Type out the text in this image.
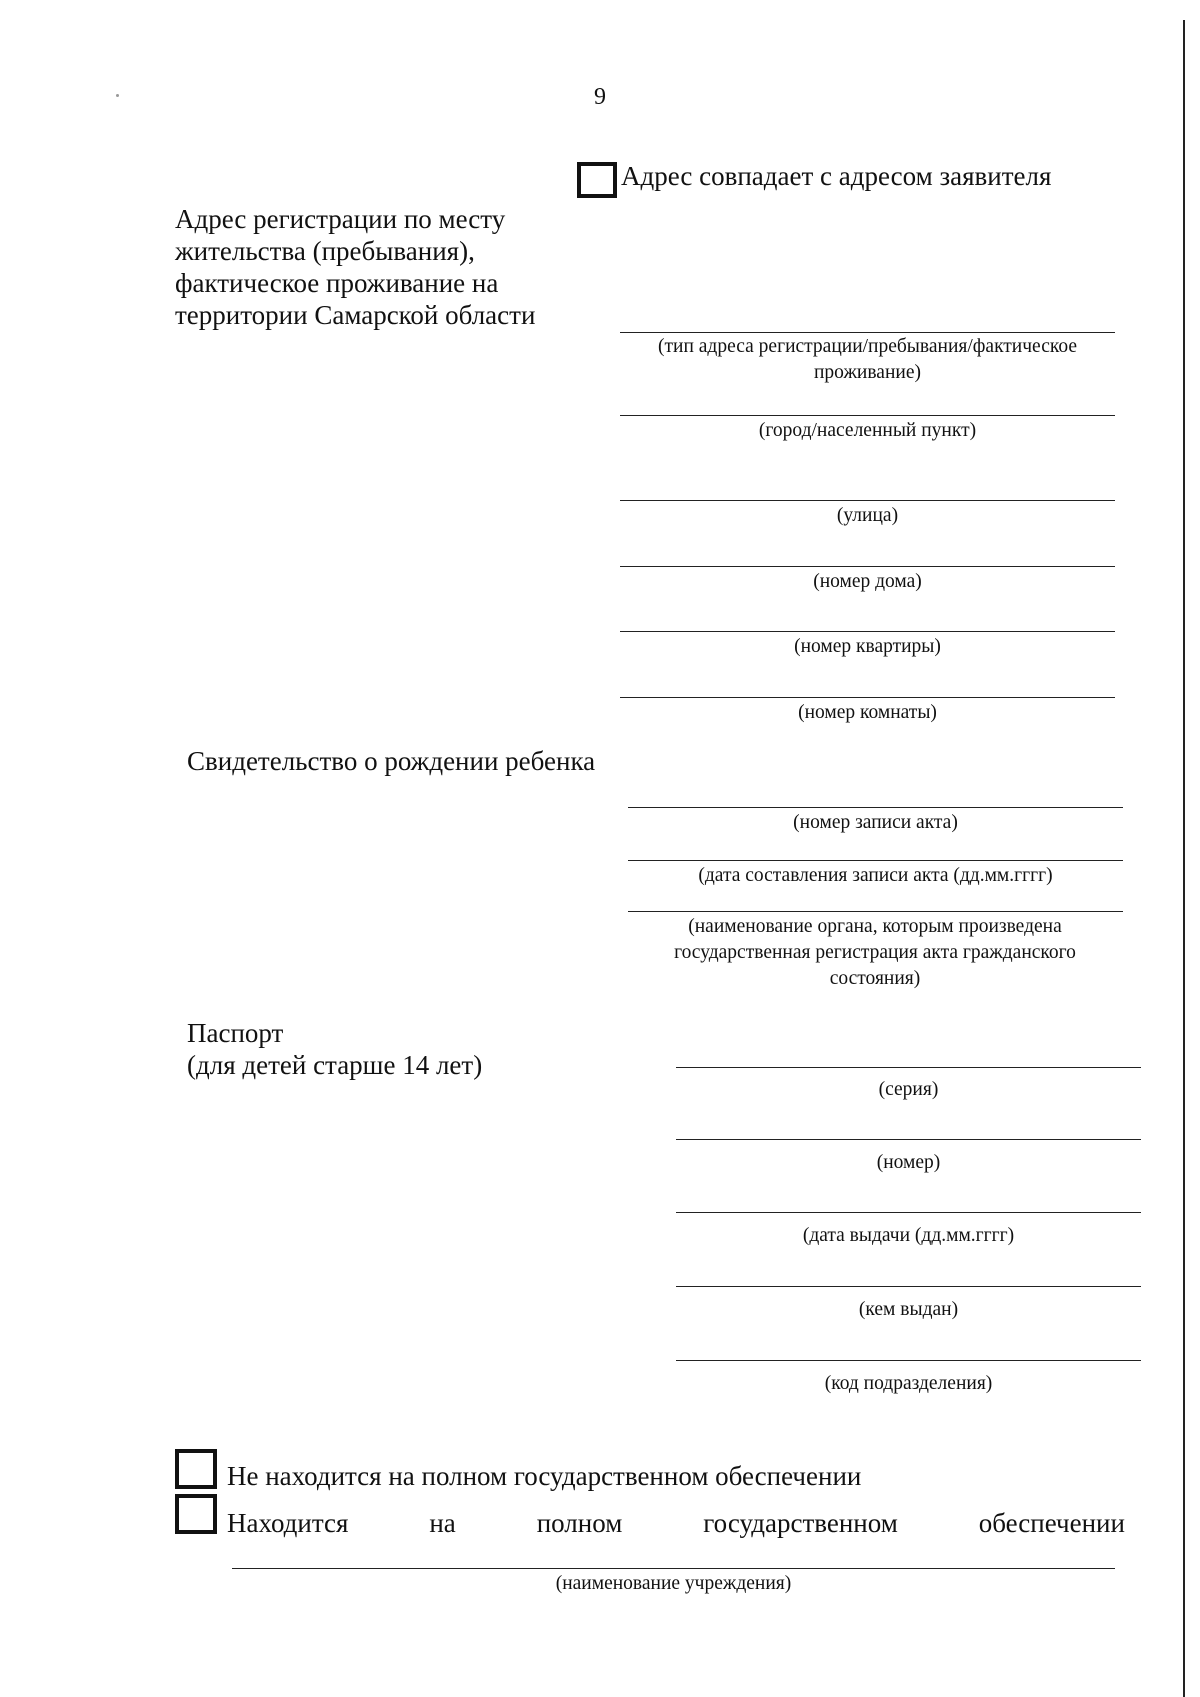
9
Адрес совпадает с адресом заявителя
Адрес регистрации по месту
жительства (пребывания),
фактическое проживание на
территории Самарской области
(тип адреса регистрации/пребывания/фактическое проживание)
(город/населенный пункт)
(улица)
(номер дома)
(номер квартиры)
(номер комнаты)
Свидетельство о рождении ребенка
(номер записи акта)
(дата составления записи акта (дд.мм.гггг)
(наименование органа, которым произведена государственная регистрация акта гражданского состояния)
Паспорт
(для детей старше 14 лет)
(серия)
(номер)
(дата выдачи (дд.мм.гггг)
(кем выдан)
(код подразделения)
Не находится на полном государственном обеспечении
Находится	на	полном	государственном	обеспечении
(наименование учреждения)
